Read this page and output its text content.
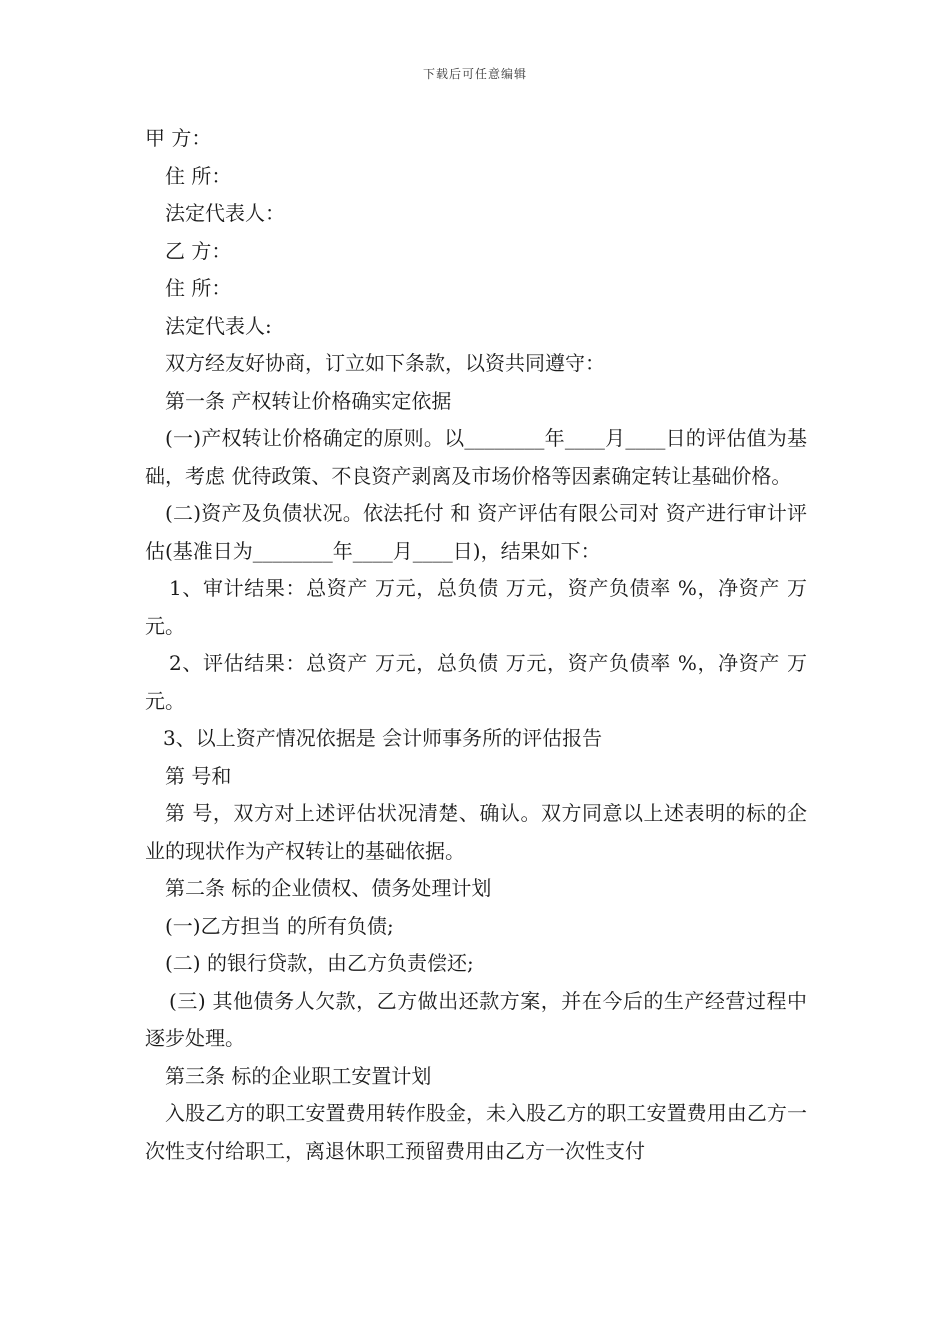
下载后可任意编辑

甲 方：

住 所：

法定代表人：

乙 方：

住 所：

法定代表人:

双方经友好协商，订立如下条款，以资共同遵守：

第一条 产权转让价格确实定依据

(一)产权转让价格确定的原则。以________年____月____日的评估值为基础，考虑 优待政策、不良资产剥离及市场价格等因素确定转让基础价格。

(二)资产及负债状况。依法托付 和 资产评估有限公司对 资产进行审计评估(基准日为________年____月____日)，结果如下：

1、审计结果：总资产 万元，总负债 万元，资产负债率 %，净资产 万元。

2、评估结果：总资产 万元，总负债 万元，资产负债率 %，净资产 万元。

3、以上资产情况依据是 会计师事务所的评估报告

第 号和

第 号，双方对上述评估状况清楚、确认。双方同意以上述表明的标的企业的现状作为产权转让的基础依据。

第二条 标的企业债权、债务处理计划

(一)乙方担当 的所有负债;

(二) 的银行贷款，由乙方负责偿还;

(三) 其他债务人欠款，乙方做出还款方案，并在今后的生产经营过程中逐步处理。

第三条 标的企业职工安置计划

入股乙方的职工安置费用转作股金，未入股乙方的职工安置费用由乙方一次性支付给职工，离退休职工预留费用由乙方一次性支付
